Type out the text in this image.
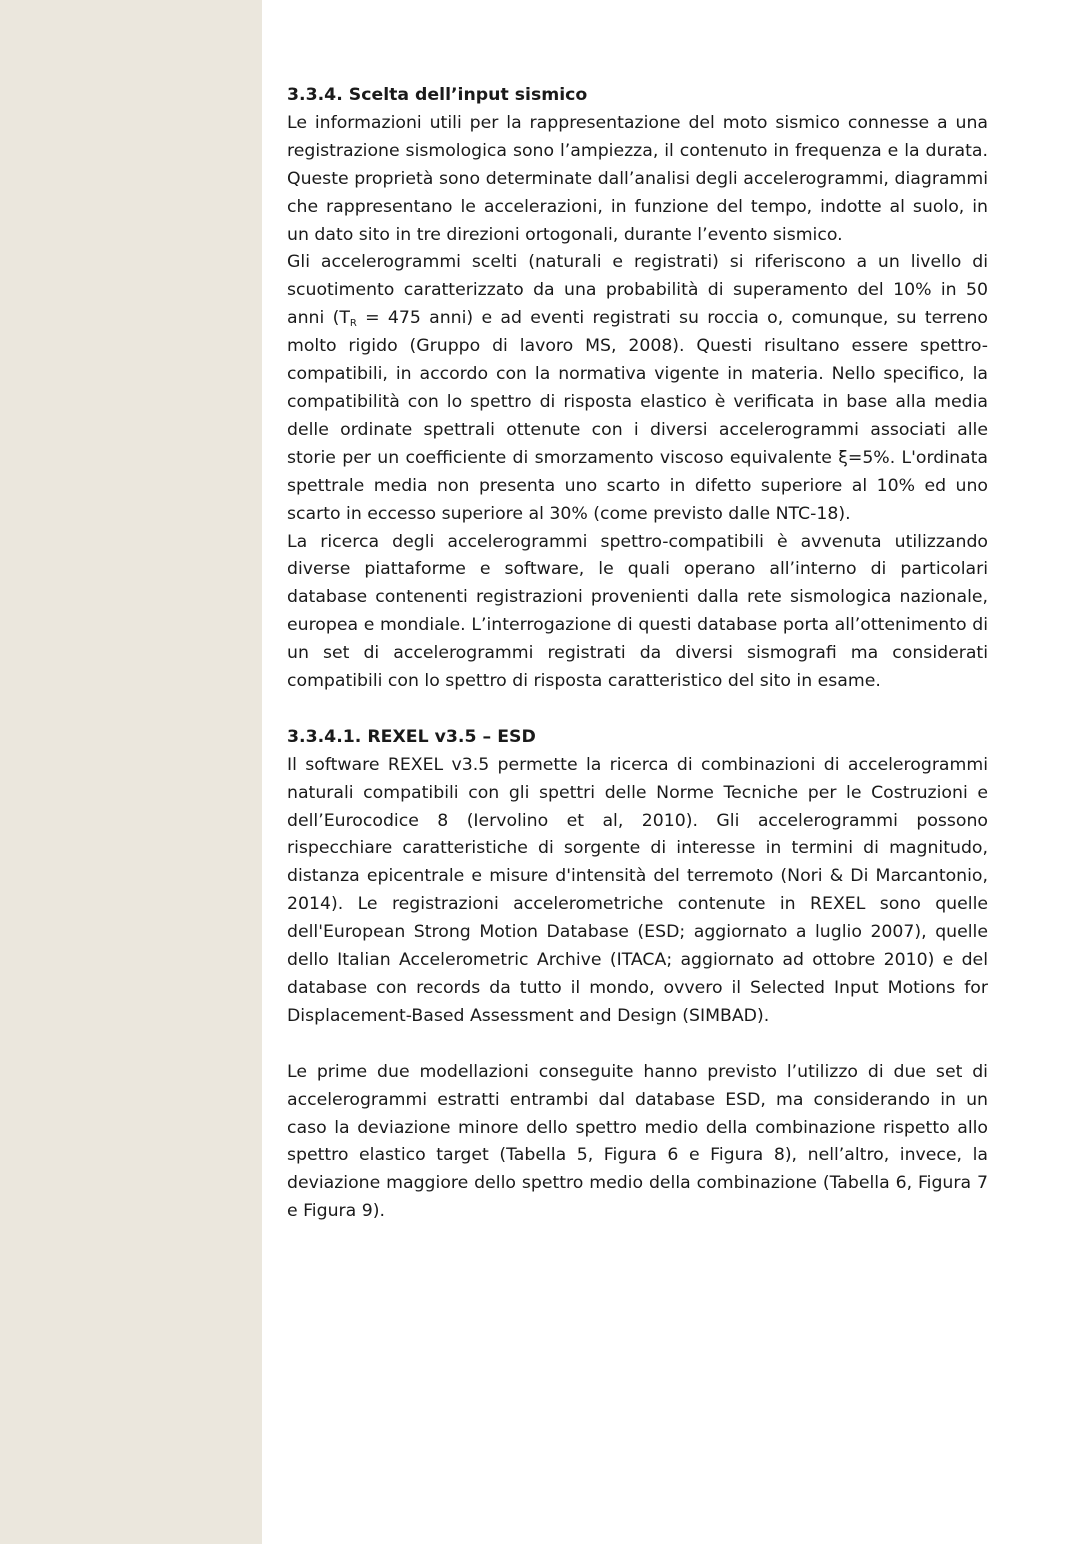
3.3.4. Scelta dell’input sismico

Le informazioni utili per la rappresentazione del moto sismico connesse a una registrazione sismologica sono l’ampiezza, il contenuto in frequenza e la durata. Queste proprietà sono determinate dall’analisi degli accelerogrammi, diagrammi che rappresentano le accelerazioni, in funzione del tempo, indotte al suolo, in un dato sito in tre direzioni ortogonali, durante l’evento sismico.

Gli accelerogrammi scelti (naturali e registrati) si riferiscono a un livello di scuotimento caratterizzato da una probabilità di superamento del 10% in 50 anni ($T_R = 475$ anni) e ad eventi registrati su roccia o, comunque, su terreno molto rigido (Gruppo di lavoro MS, 2008). Questi risultano essere spettro-compatibili, in accordo con la normativa vigente in materia. Nello specifico, la compatibilità con lo spettro di risposta elastico è verificata in base alla media delle ordinate spettrali ottenute con i diversi accelerogrammi associati alle storie per un coefficiente di smorzamento viscoso equivalente ξ=5%. L'ordinata spettrale media non presenta uno scarto in difetto superiore al 10% ed uno scarto in eccesso superiore al 30% (come previsto dalle NTC-18).

La ricerca degli accelerogrammi spettro-compatibili è avvenuta utilizzando diverse piattaforme e software, le quali operano all’interno di particolari database contenenti registrazioni provenienti dalla rete sismologica nazionale, europea e mondiale. L’interrogazione di questi database porta all’ottenimento di un set di accelerogrammi registrati da diversi sismografi ma considerati compatibili con lo spettro di risposta caratteristico del sito in esame.

3.3.4.1. REXEL v3.5 – ESD

Il software REXEL v3.5 permette la ricerca di combinazioni di accelerogrammi naturali compatibili con gli spettri delle Norme Tecniche per le Costruzioni e dell’Eurocodice 8 (Iervolino et al, 2010). Gli accelerogrammi possono rispecchiare caratteristiche di sorgente di interesse in termini di magnitudo, distanza epicentrale e misure d'intensità del terremoto (Nori & Di Marcantonio, 2014). Le registrazioni accelerometriche contenute in REXEL sono quelle dell'European Strong Motion Database (ESD; aggiornato a luglio 2007), quelle dello Italian Accelerometric Archive (ITACA; aggiornato ad ottobre 2010) e del database con records da tutto il mondo, ovvero il Selected Input Motions for Displacement-Based Assessment and Design (SIMBAD).

Le prime due modellazioni conseguite hanno previsto l’utilizzo di due set di accelerogrammi estratti entrambi dal database ESD, ma considerando in un caso la deviazione minore dello spettro medio della combinazione rispetto allo spettro elastico target (Tabella 5, Figura 6 e Figura 8), nell’altro, invece, la deviazione maggiore dello spettro medio della combinazione (Tabella 6, Figura 7 e Figura 9).
